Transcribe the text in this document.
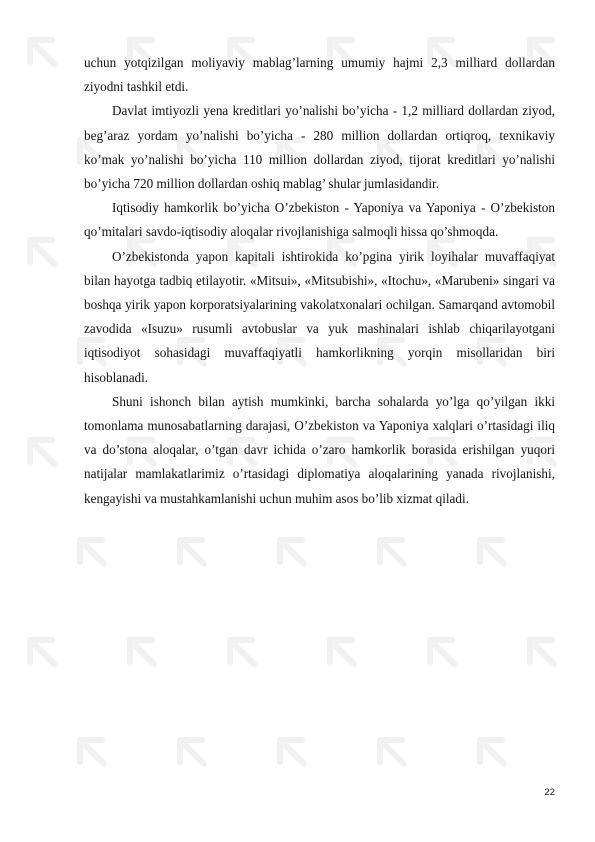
uchun yotqizilgan moliyaviy mablag’larning umumiy hajmi 2,3 milliard dollardan ziyodni tashkil etdi.

Davlat imtiyozli yena kreditlari yo’nalishi bo’yicha - 1,2 milliard dollardan ziyod, beg’araz yordam yo’nalishi bo’yicha - 280 million dollardan ortiqroq, texnikaviy ko’mak yo’nalishi bo’yicha 110 million dollardan ziyod, tijorat kreditlari yo’nalishi bo’yicha 720 million dollardan oshiq mablag’ shular jumlasidandir.

Iqtisodiy hamkorlik bo’yicha O’zbekiston - Yaponiya va Yaponiya - O’zbekiston qo’mitalari savdo-iqtisodiy aloqalar rivojlanishiga salmoqli hissa qo’shmoqda.

O’zbekistonda yapon kapitali ishtirokida ko’pgina yirik loyihalar muvaffaqiyat bilan hayotga tadbiq etilayotir. «Mitsui», «Mitsubishi», «Itochu», «Marubeni» singari va boshqa yirik yapon korporatsiyalarining vakolatxonalari ochilgan. Samarqand avtomobil zavodida «Isuzu» rusumli avtobuslar va yuk mashinalari ishlab chiqarilayotgani iqtisodiyot sohasidagi muvaffaqiyatli hamkorlikning yorqin misollaridan biri hisoblanadi.

Shuni ishonch bilan aytish mumkinki, barcha sohalarda yo’lga qo’yilgan ikki tomonlama munosabatlarning darajasi, O’zbekiston va Yaponiya xalqlari o’rtasidagi iliq va do’stona aloqalar, o’tgan davr ichida o’zaro hamkorlik borasida erishilgan yuqori natijalar mamlakatlarimiz o’rtasidagi diplomatiya aloqalarining yanada rivojlanishi, kengayishi va mustahkamlanishi uchun muhim asos bo’lib xizmat qiladi.

22
